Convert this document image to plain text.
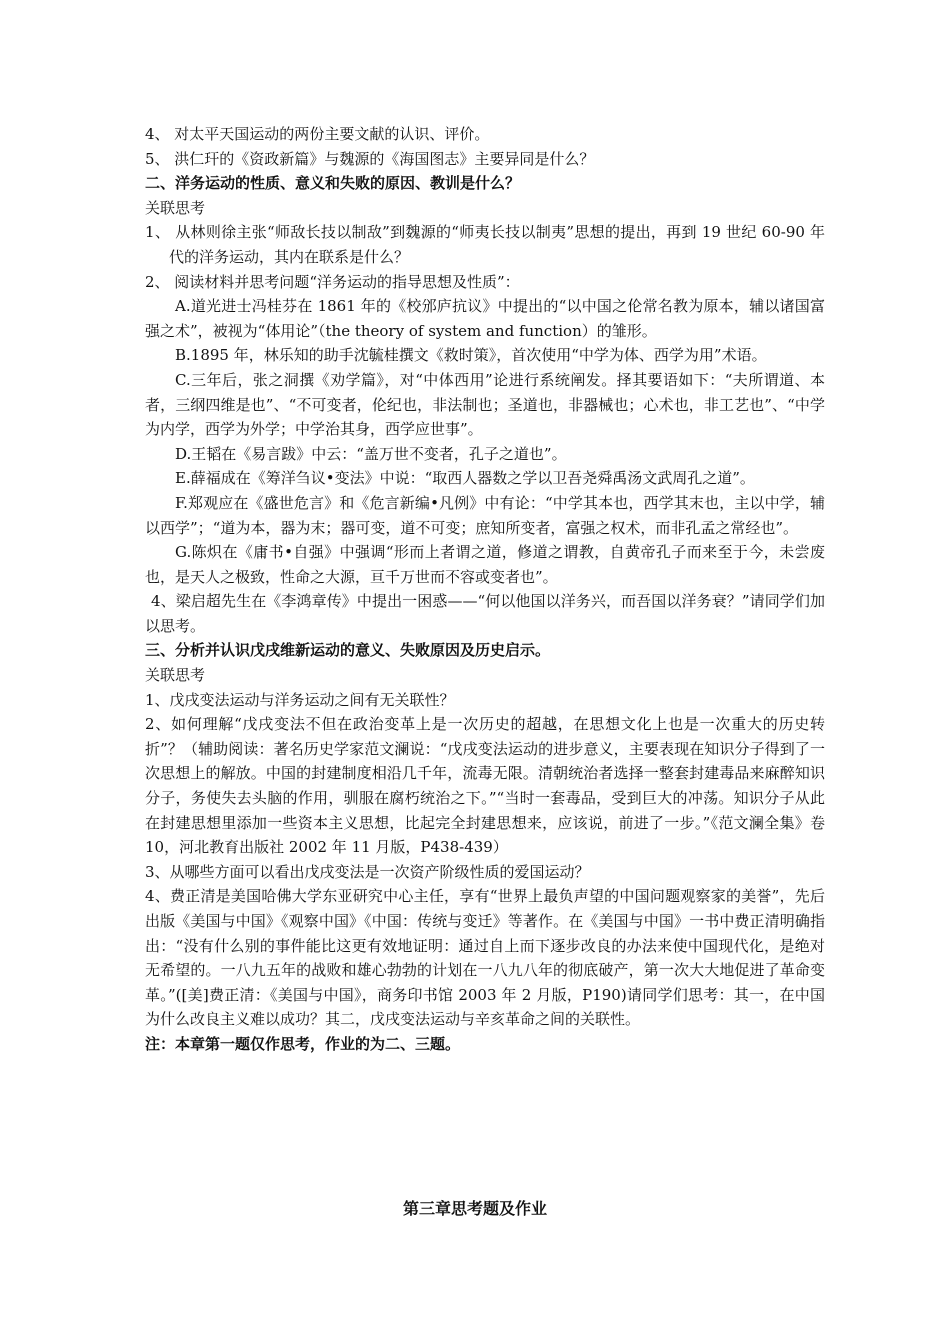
4、 对太平天国运动的两份主要文献的认识、评价。

5、 洪仁玕的《资政新篇》与魏源的《海国图志》主要异同是什么？

二、洋务运动的性质、意义和失败的原因、教训是什么？

关联思考

1、 从林则徐主张“师敌长技以制敌”到魏源的“师夷长技以制夷”思想的提出，再到 19 世纪 60-90 年代的洋务运动，其内在联系是什么？

2、 阅读材料并思考问题“洋务运动的指导思想及性质”：

A.道光进士冯桂芬在 1861 年的《校邠庐抗议》中提出的“以中国之伦常名教为原本，辅以诸国富强之术”，被视为“体用论”（the theory of system and function）的雏形。

B.1895 年，林乐知的助手沈毓桂撰文《救时策》，首次使用“中学为体、西学为用”术语。

C.三年后，张之洞撰《劝学篇》，对“中体西用”论进行系统阐发。择其要语如下：“夫所谓道、本者，三纲四维是也”、“不可变者，伦纪也，非法制也；圣道也，非器械也；心术也，非工艺也”、“中学为内学，西学为外学；中学治其身，西学应世事”。

D.王韬在《易言跋》中云：“盖万世不变者，孔子之道也”。

E.薛福成在《筹洋刍议•变法》中说：“取西人器数之学以卫吾尧舜禹汤文武周孔之道”。

F.郑观应在《盛世危言》和《危言新编•凡例》中有论：“中学其本也，西学其末也，主以中学，辅以西学”；“道为本，器为末；器可变，道不可变；庶知所变者，富强之权术，而非孔孟之常经也”。

G.陈炽在《庸书•自强》中强调“形而上者谓之道，修道之谓教，自黄帝孔子而来至于今，未尝废也，是天人之极致，性命之大源，亘千万世而不容或变者也”。

4、梁启超先生在《李鸿章传》中提出一困惑——“何以他国以洋务兴，而吾国以洋务衰？”请同学们加以思考。

三、分析并认识戊戌维新运动的意义、失败原因及历史启示。

关联思考

1、戊戌变法运动与洋务运动之间有无关联性？

2、如何理解“戊戌变法不但在政治变革上是一次历史的超越，在思想文化上也是一次重大的历史转折”？（辅助阅读：著名历史学家范文澜说：“戊戌变法运动的进步意义，主要表现在知识分子得到了一次思想上的解放。中国的封建制度相沿几千年，流毒无限。清朝统治者选择一整套封建毒品来麻醉知识分子，务使失去头脑的作用，驯服在腐朽统治之下。”“当时一套毒品，受到巨大的冲荡。知识分子从此在封建思想里添加一些资本主义思想，比起完全封建思想来，应该说，前进了一步。”《范文澜全集》卷 10，河北教育出版社 2002 年 11 月版，P438-439）

3、从哪些方面可以看出戊戌变法是一次资产阶级性质的爱国运动？

4、费正清是美国哈佛大学东亚研究中心主任，享有“世界上最负声望的中国问题观察家的美誉”，先后出版《美国与中国》《观察中国》《中国：传统与变迁》等著作。在《美国与中国》一书中费正清明确指出：“没有什么别的事件能比这更有效地证明：通过自上而下逐步改良的办法来使中国现代化，是绝对无希望的。一八九五年的战败和雄心勃勃的计划在一八九八年的彻底破产，第一次大大地促进了革命变革。”([美]费正清：《美国与中国》，商务印书馆 2003 年 2 月版，P190)请同学们思考：其一，在中国为什么改良主义难以成功？其二，戊戌变法运动与辛亥革命之间的关联性。

注：本章第一题仅作思考，作业的为二、三题。

第三章思考题及作业
